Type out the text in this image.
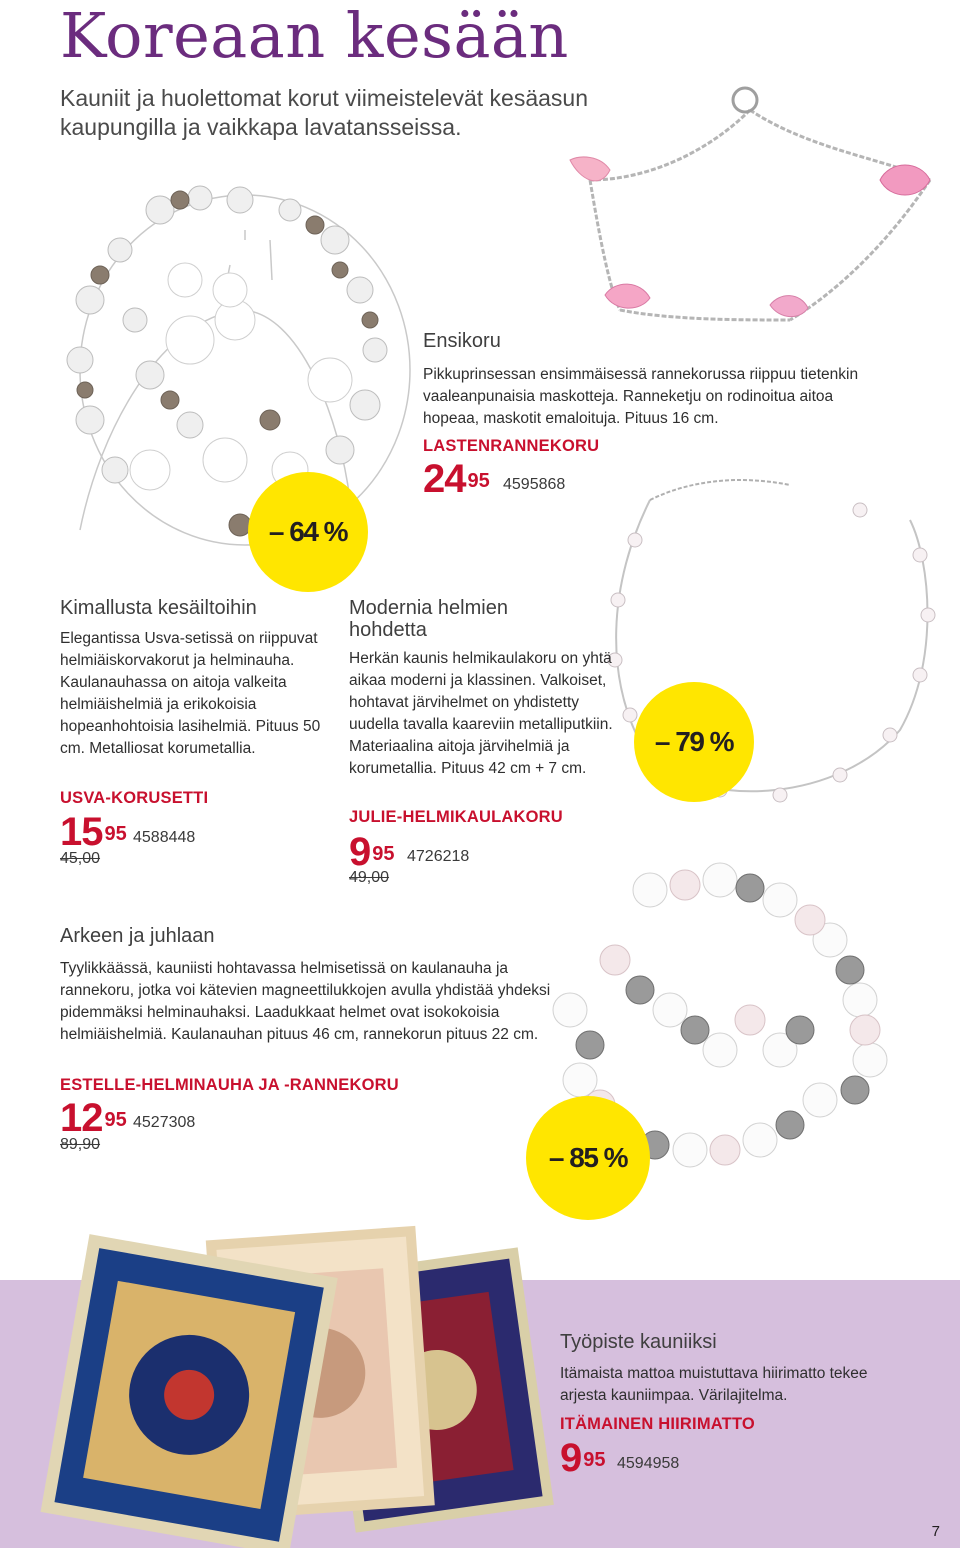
Koreaan kesään
Kauniit ja huolettomat korut viimeistelevät kesäasun kaupungilla ja vaikkapa lavatansseissa.
Ensikoru
Pikkuprinsessan ensimmäisessä rannekorussa riippuu tietenkin vaaleanpunaisia maskotteja. Ranneketju on rodinoitua aitoa hopeaa, maskotit emaloituja. Pituus 16 cm.
LASTENRANNEKORU
24 $^{95}$ 4595868
– 64 %
Kimallusta kesäiltoihin
Elegantissa Usva-setissä on riippuvat helmiäiskorvakorut ja helminauha. Kaulanauhassa on aitoja valkeita helmiäishelmiä ja erikokoisia hopeanhohtoisia lasihelmiä. Pituus 50 cm. Metalliosat korumetallia.
USVA-KORUSETTI
15 $^{95}$ 4588448
45,00
Modernia helmien hohdetta
Herkän kaunis helmikaulakoru on yhtä aikaa moderni ja klassinen. Valkoiset, hohtavat järvihelmet on yhdistetty uudella tavalla kaareviin metalliputkiin. Materiaalina aitoja järvihelmiä ja korumetallia. Pituus 42 cm + 7 cm.
JULIE-HELMIKAULAKORU
9 $^{95}$ 4726218
49,00
– 79 %
Arkeen ja juhlaan
Tyylikkäässä, kauniisti hohtavassa helmisetissä on kaulanauha ja rannekoru, jotka voi kätevien magneettilukkojen avulla yhdistää yhdeksi pidemmäksi helminauhaksi. Laadukkaat helmet ovat isokokoisia helmiäishelmiä. Kaulanauhan pituus 46 cm, rannekorun pituus 22 cm.
ESTELLE-HELMINAUHA JA -RANNEKORU
12 $^{95}$ 4527308
89,90	– 85 %
Työpiste kauniiksi
Itämaista mattoa muistuttava hiirimatto tekee arjesta kauniimpaa. Värilajitelma.
ITÄMAINEN HIIRIMATTO
9 $^{95}$ 4594958
7
